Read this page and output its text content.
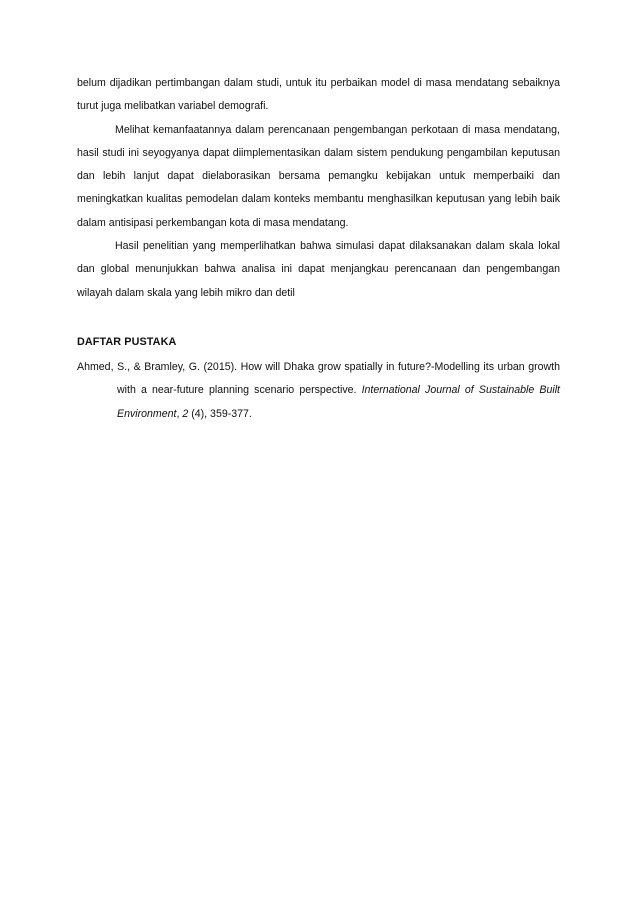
belum dijadikan pertimbangan dalam studi, untuk itu perbaikan model di masa mendatang sebaiknya turut juga melibatkan variabel demografi.

Melihat kemanfaatannya dalam perencanaan pengembangan perkotaan di masa mendatang, hasil studi ini seyogyanya dapat diimplementasikan dalam sistem pendukung pengambilan keputusan dan lebih lanjut dapat dielaborasikan bersama pemangku kebijakan untuk memperbaiki dan meningkatkan kualitas pemodelan dalam konteks membantu menghasilkan keputusan yang lebih baik dalam antisipasi perkembangan kota di masa mendatang.

Hasil penelitian yang memperlihatkan bahwa simulasi dapat dilaksanakan dalam skala lokal dan global menunjukkan bahwa analisa ini dapat menjangkau perencanaan dan pengembangan wilayah dalam skala yang lebih mikro dan detil

DAFTAR PUSTAKA

Ahmed, S., & Bramley, G. (2015). How will Dhaka grow spatially in future?-Modelling its urban growth with a near-future planning scenario perspective. International Journal of Sustainable Built Environment, 2 (4), 359-377.
